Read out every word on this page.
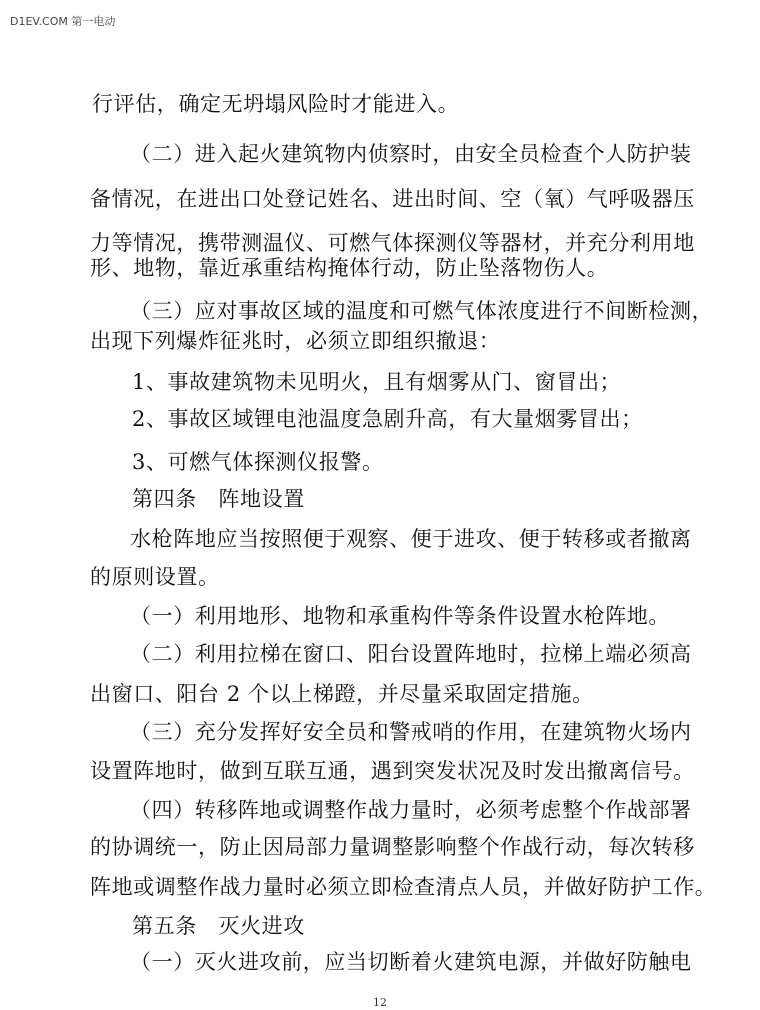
D1EV.COM 第一电动
行评估，确定无坍塌风险时才能进入。
（二）进入起火建筑物内侦察时，由安全员检查个人防护装
备情况，在进出口处登记姓名、进出时间、空（氧）气呼吸器压
力等情况，携带测温仪、可燃气体探测仪等器材，并充分利用地
形、地物，靠近承重结构掩体行动，防止坠落物伤人。
（三）应对事故区域的温度和可燃气体浓度进行不间断检测，
出现下列爆炸征兆时，必须立即组织撤退：
1、事故建筑物未见明火，且有烟雾从门、窗冒出；
2、事故区域锂电池温度急剧升高，有大量烟雾冒出；
3、可燃气体探测仪报警。
第四条　阵地设置
水枪阵地应当按照便于观察、便于进攻、便于转移或者撤离
的原则设置。
（一）利用地形、地物和承重构件等条件设置水枪阵地。
（二）利用拉梯在窗口、阳台设置阵地时，拉梯上端必须高
出窗口、阳台 2 个以上梯蹬，并尽量采取固定措施。
（三）充分发挥好安全员和警戒哨的作用，在建筑物火场内
设置阵地时，做到互联互通，遇到突发状况及时发出撤离信号。
（四）转移阵地或调整作战力量时，必须考虑整个作战部署
的协调统一，防止因局部力量调整影响整个作战行动，每次转移
阵地或调整作战力量时必须立即检查清点人员，并做好防护工作。
第五条　灭火进攻
（一）灭火进攻前，应当切断着火建筑电源，并做好防触电
12
